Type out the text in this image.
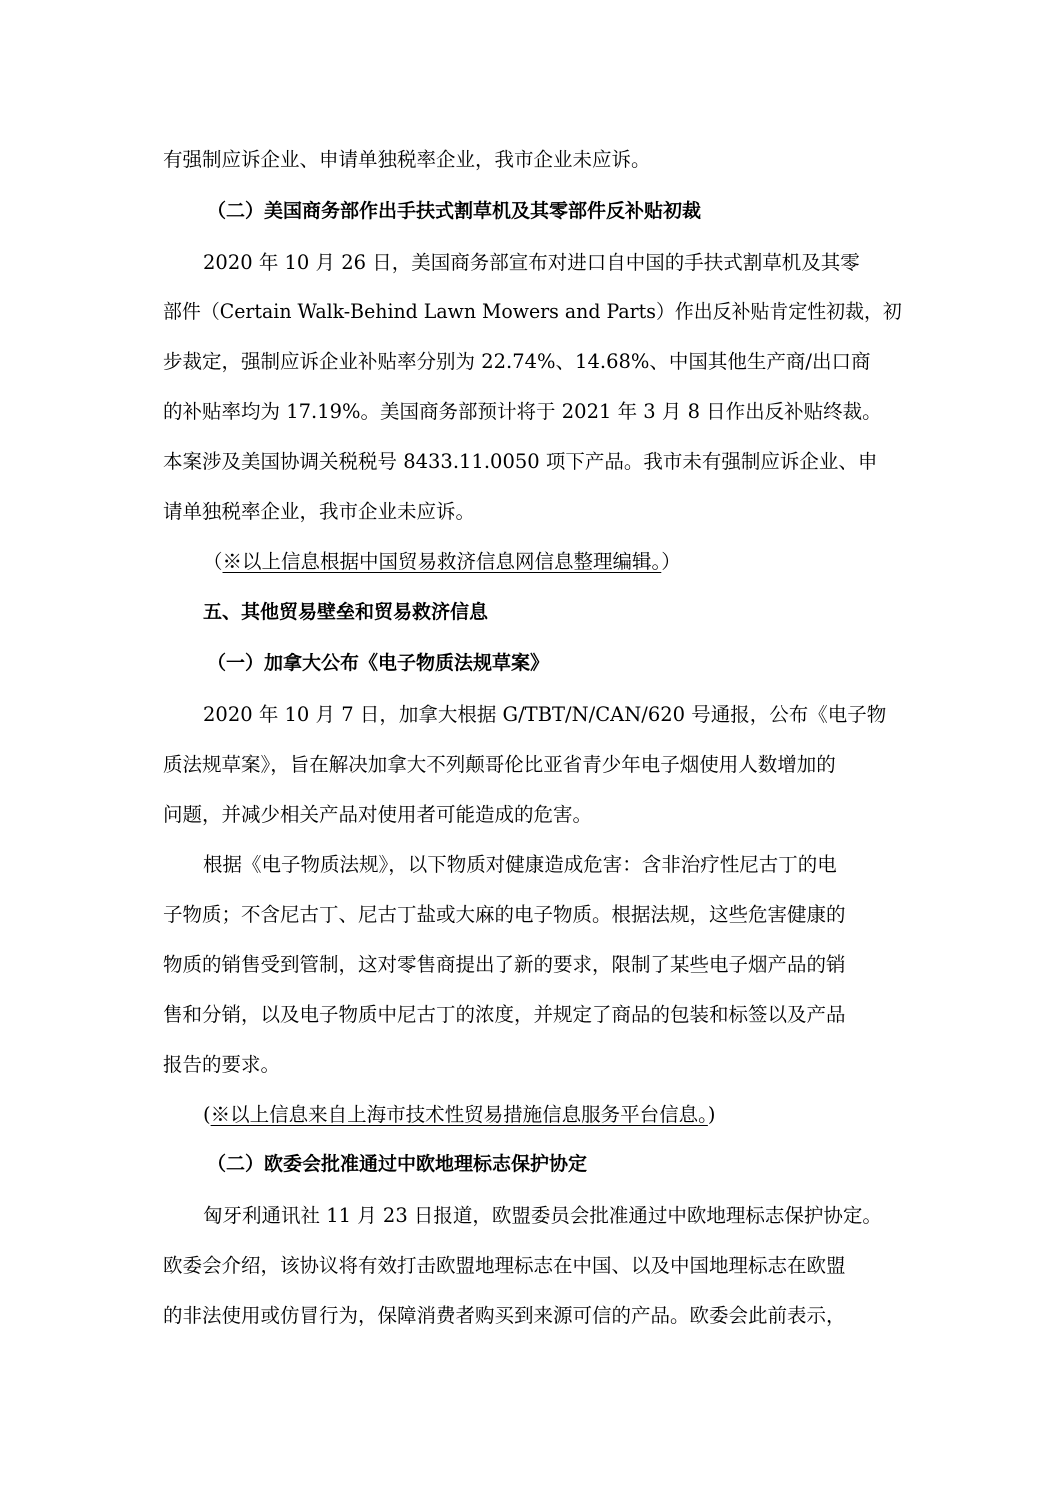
有强制应诉企业、申请单独税率企业，我市企业未应诉。
（二）美国商务部作出手扶式割草机及其零部件反补贴初裁
2020 年 10 月 26 日，美国商务部宣布对进口自中国的手扶式割草机及其零
部件（Certain Walk-Behind Lawn Mowers and Parts）作出反补贴肯定性初裁，初
步裁定，强制应诉企业补贴率分别为 22.74%、14.68%、中国其他生产商/出口商
的补贴率均为 17.19%。美国商务部预计将于 2021 年 3 月 8 日作出反补贴终裁。
本案涉及美国协调关税税号 8433.11.0050 项下产品。我市未有强制应诉企业、申
请单独税率企业，我市企业未应诉。
（※以上信息根据中国贸易救济信息网信息整理编辑。）
五、其他贸易壁垒和贸易救济信息
（一）加拿大公布《电子物质法规草案》
2020 年 10 月 7 日，加拿大根据 G/TBT/N/CAN/620 号通报，公布《电子物
质法规草案》，旨在解决加拿大不列颠哥伦比亚省青少年电子烟使用人数增加的
问题，并减少相关产品对使用者可能造成的危害。
根据《电子物质法规》，以下物质对健康造成危害：含非治疗性尼古丁的电
子物质；不含尼古丁、尼古丁盐或大麻的电子物质。根据法规，这些危害健康的
物质的销售受到管制，这对零售商提出了新的要求，限制了某些电子烟产品的销
售和分销，以及电子物质中尼古丁的浓度，并规定了商品的包装和标签以及产品
报告的要求。
(※以上信息来自上海市技术性贸易措施信息服务平台信息。)
（二）欧委会批准通过中欧地理标志保护协定
匈牙利通讯社 11 月 23 日报道，欧盟委员会批准通过中欧地理标志保护协定。
欧委会介绍，该协议将有效打击欧盟地理标志在中国、以及中国地理标志在欧盟
的非法使用或仿冒行为，保障消费者购买到来源可信的产品。欧委会此前表示，
